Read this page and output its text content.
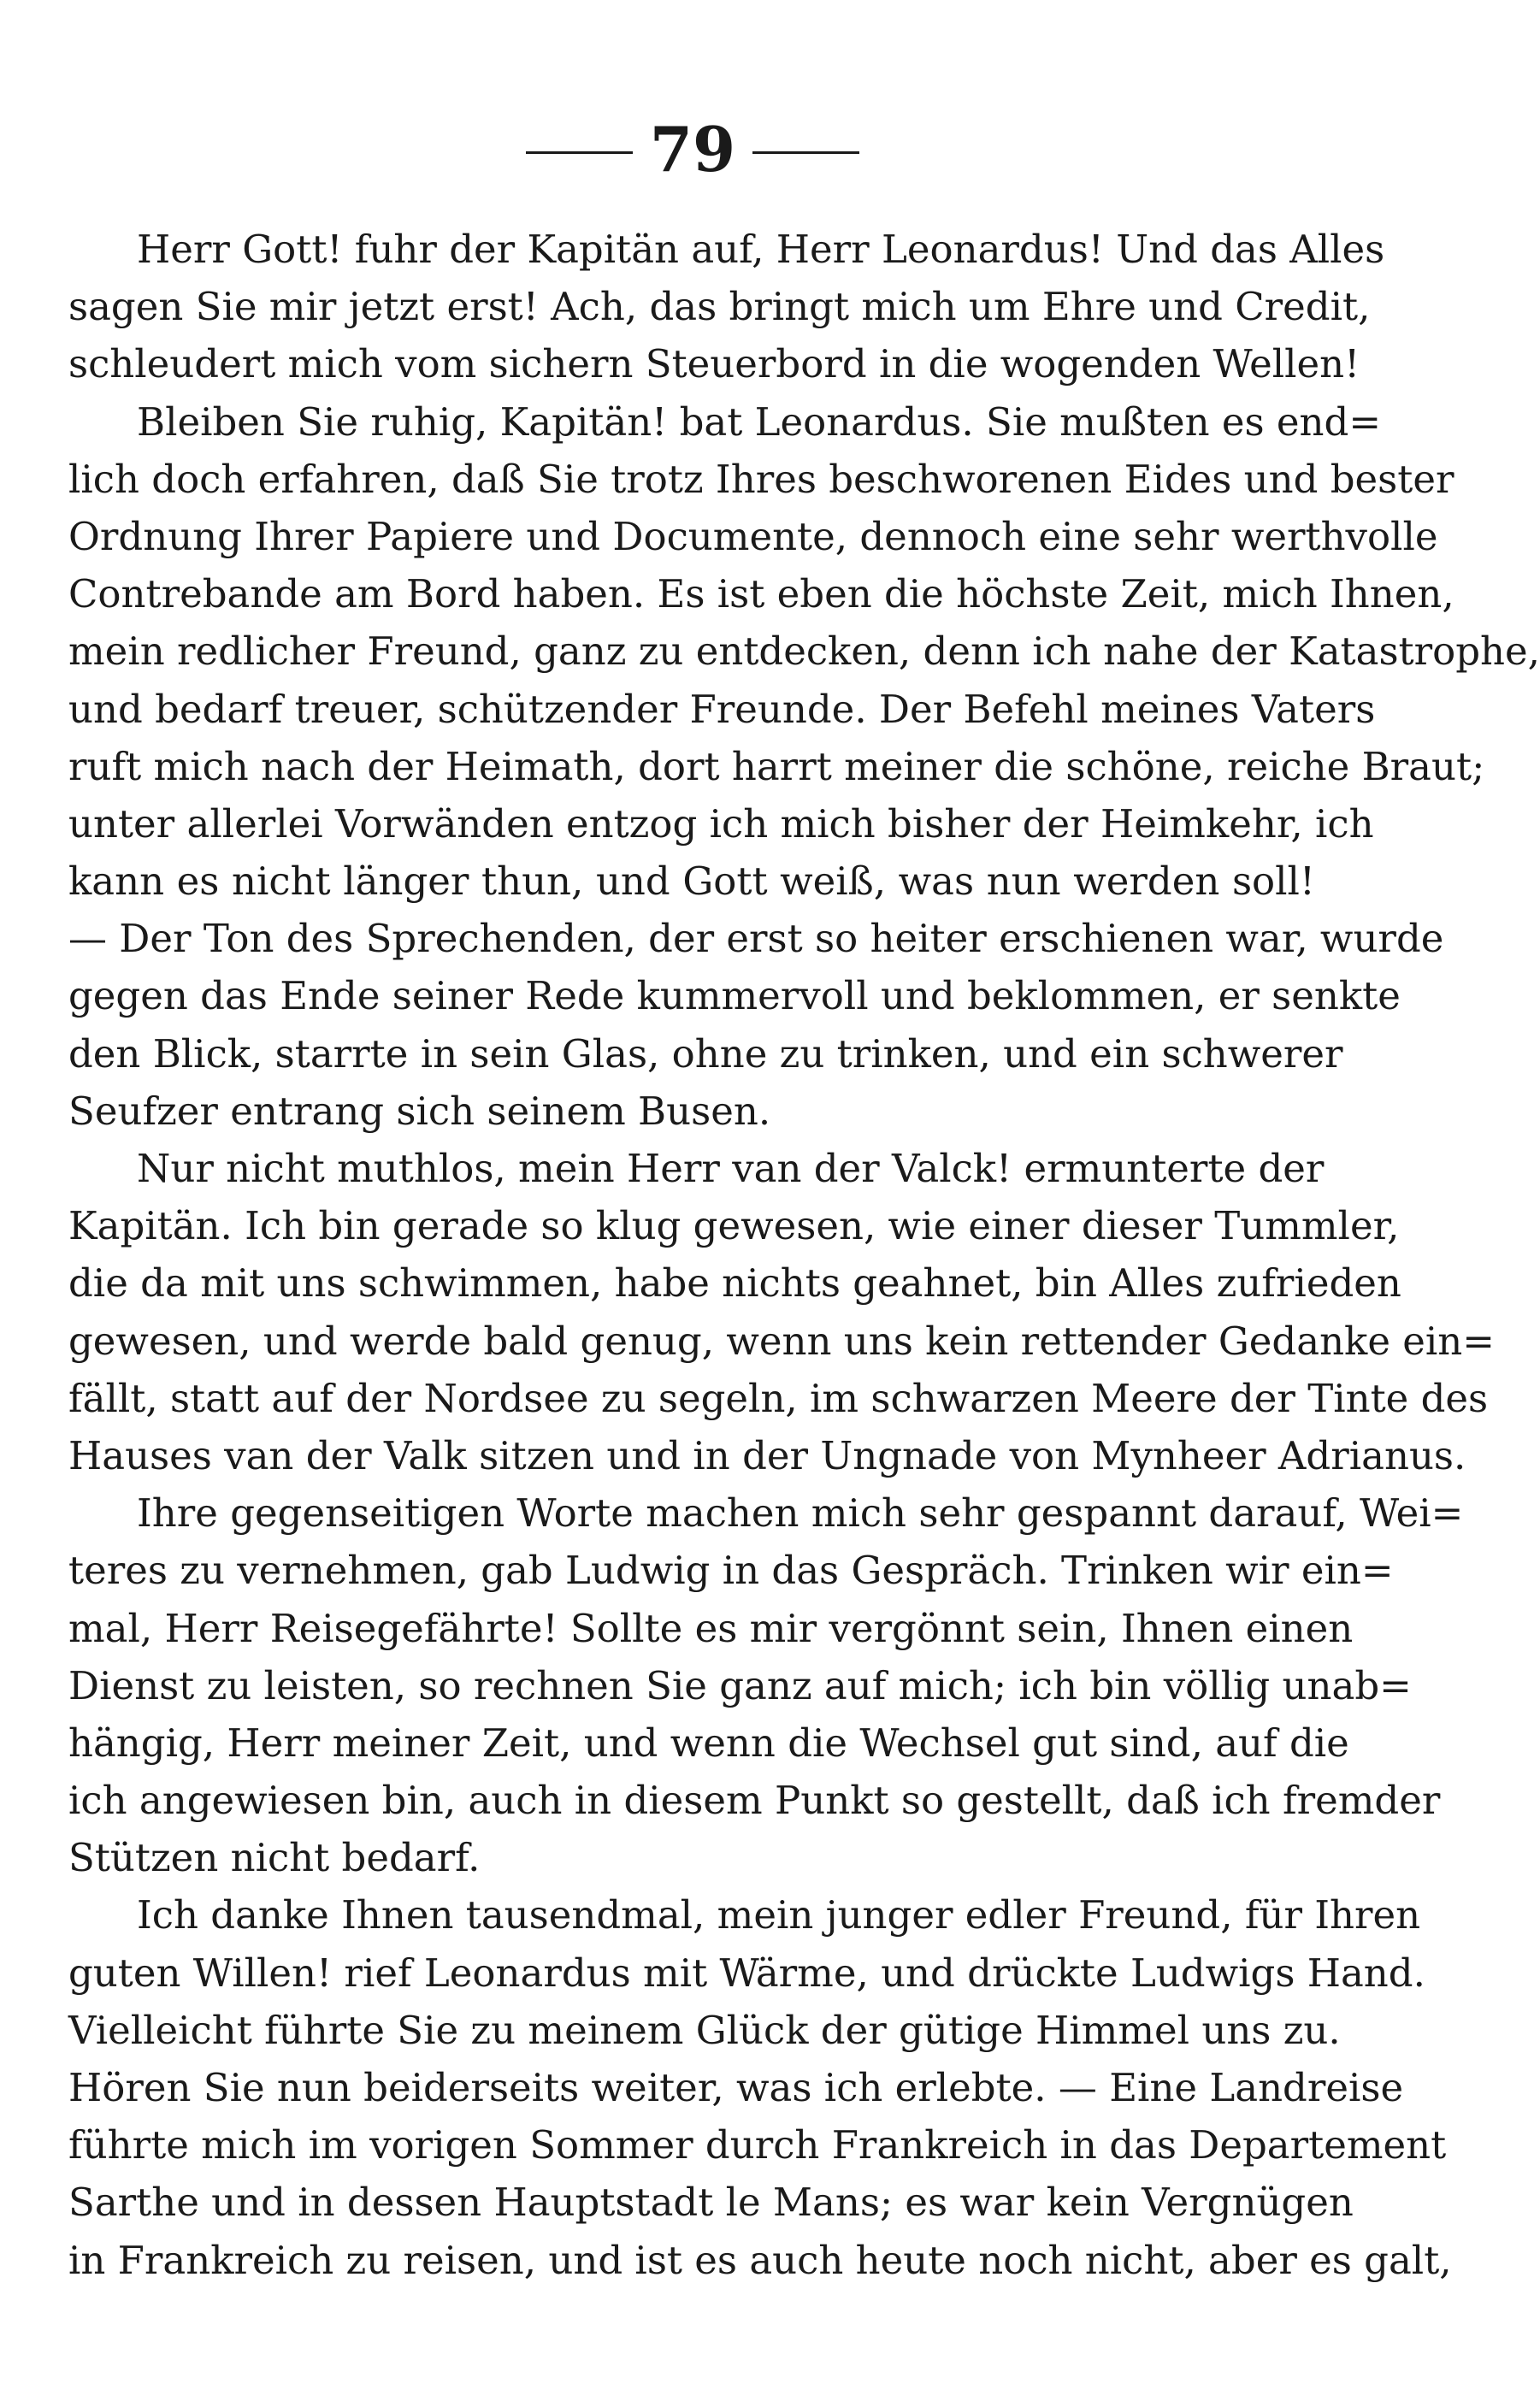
79
Herr Gott! fuhr der Kapitän auf, Herr Leonardus! Und das Alles
sagen Sie mir jetzt erst! Ach, das bringt mich um Ehre und Credit,
schleudert mich vom sichern Steuerbord in die wogenden Wellen!
Bleiben Sie ruhig, Kapitän! bat Leonardus. Sie mußten es end=
lich doch erfahren, daß Sie trotz Ihres beschworenen Eides und bester
Ordnung Ihrer Papiere und Documente, dennoch eine sehr werthvolle
Contrebande am Bord haben. Es ist eben die höchste Zeit, mich Ihnen,
mein redlicher Freund, ganz zu entdecken, denn ich nahe der Katastrophe,
und bedarf treuer, schützender Freunde. Der Befehl meines Vaters
ruft mich nach der Heimath, dort harrt meiner die schöne, reiche Braut;
unter allerlei Vorwänden entzog ich mich bisher der Heimkehr, ich
kann es nicht länger thun, und Gott weiß, was nun werden soll!
— Der Ton des Sprechenden, der erst so heiter erschienen war, wurde
gegen das Ende seiner Rede kummervoll und beklommen, er senkte
den Blick, starrte in sein Glas, ohne zu trinken, und ein schwerer
Seufzer entrang sich seinem Busen.
Nur nicht muthlos, mein Herr van der Valck! ermunterte der
Kapitän. Ich bin gerade so klug gewesen, wie einer dieser Tummler,
die da mit uns schwimmen, habe nichts geahnet, bin Alles zufrieden
gewesen, und werde bald genug, wenn uns kein rettender Gedanke ein=
fällt, statt auf der Nordsee zu segeln, im schwarzen Meere der Tinte des
Hauses van der Valk sitzen und in der Ungnade von Mynheer Adrianus.
Ihre gegenseitigen Worte machen mich sehr gespannt darauf, Wei=
teres zu vernehmen, gab Ludwig in das Gespräch. Trinken wir ein=
mal, Herr Reisegefährte! Sollte es mir vergönnt sein, Ihnen einen
Dienst zu leisten, so rechnen Sie ganz auf mich; ich bin völlig unab=
hängig, Herr meiner Zeit, und wenn die Wechsel gut sind, auf die
ich angewiesen bin, auch in diesem Punkt so gestellt, daß ich fremder
Stützen nicht bedarf.
Ich danke Ihnen tausendmal, mein junger edler Freund, für Ihren
guten Willen! rief Leonardus mit Wärme, und drückte Ludwigs Hand.
Vielleicht führte Sie zu meinem Glück der gütige Himmel uns zu.
Hören Sie nun beiderseits weiter, was ich erlebte. — Eine Landreise
führte mich im vorigen Sommer durch Frankreich in das Departement
Sarthe und in dessen Hauptstadt le Mans; es war kein Vergnügen
in Frankreich zu reisen, und ist es auch heute noch nicht, aber es galt,
